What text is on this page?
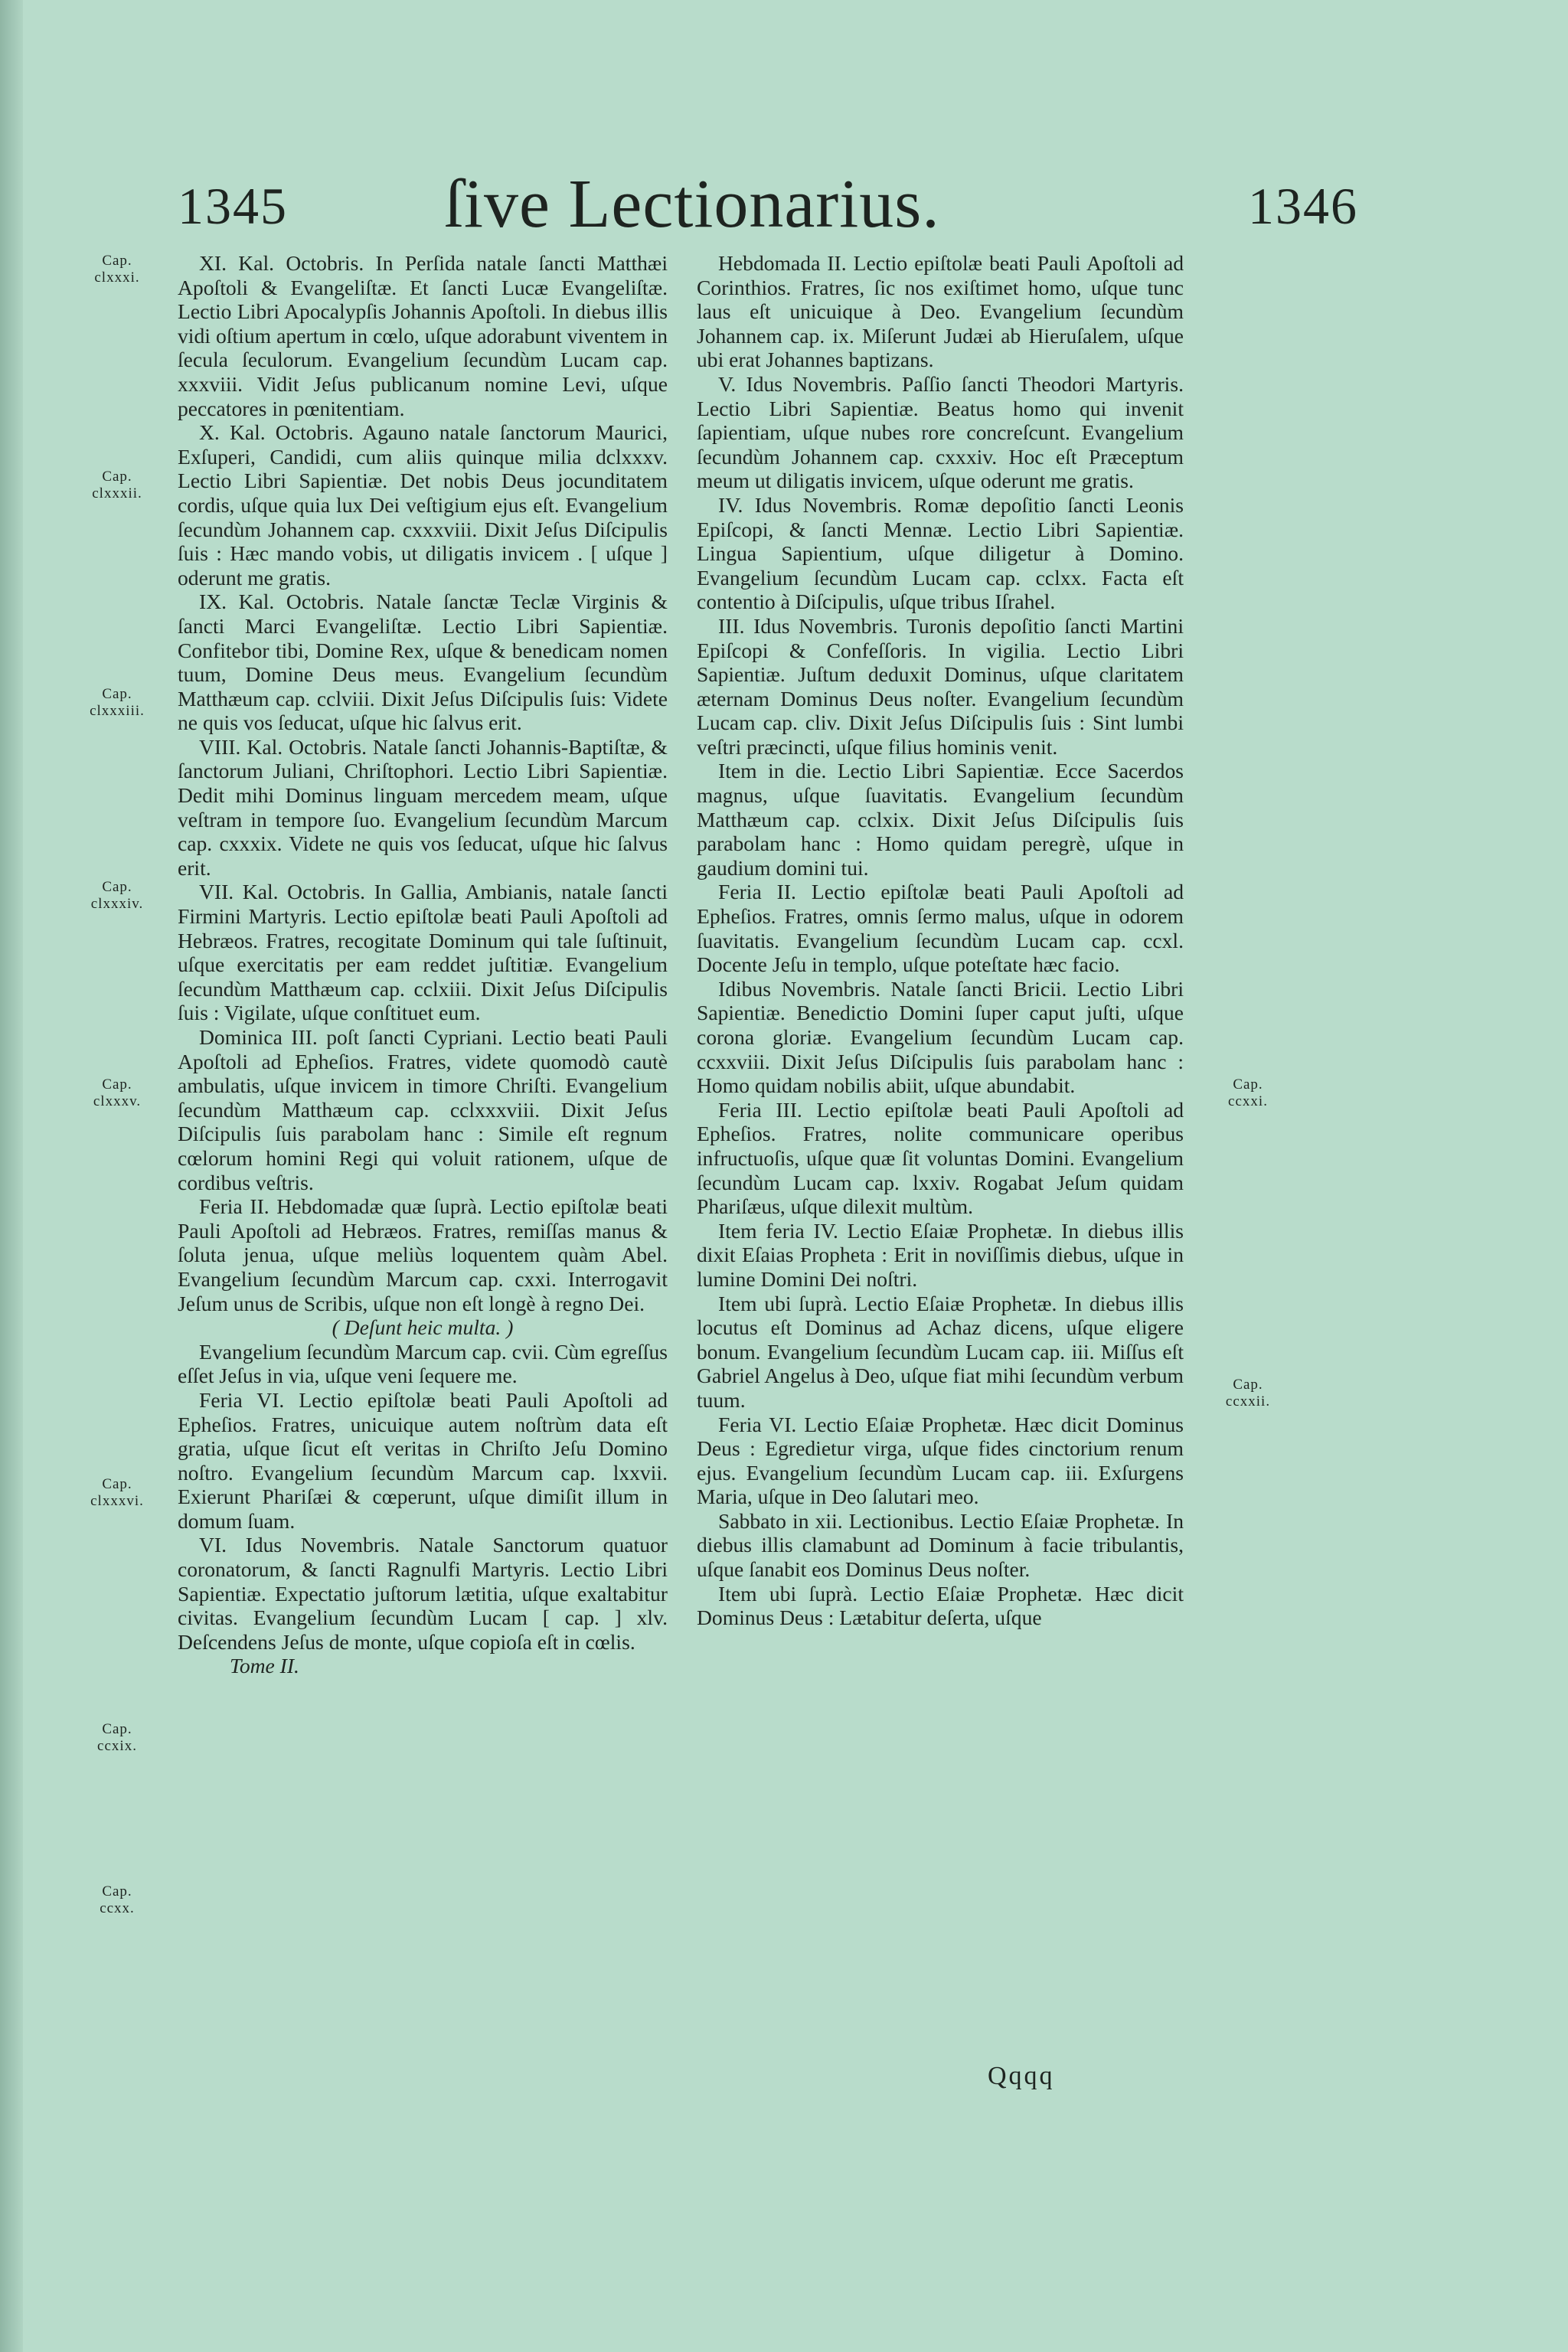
1345 ſive Lectionarius.	1346
Cap.
clxxxi.
Cap.
clxxxii.
Cap.
clxxxiii.
Cap.
clxxxiv.
Cap.
clxxxv.
Cap.
clxxxvi.
Cap.
ccxix.
Cap.
ccxx.
Cap.
ccxxi.
Cap.
ccxxii.

XI. Kal. Octobris. In Perſida natale ſancti Matthæi Apoſtoli & Evangeliſtæ. Et ſancti Lucæ Evangeliſtæ. Lectio Libri Apocalypſis Johannis Apoſtoli. In diebus illis vidi oſtium apertum in cœlo, uſque adorabunt viventem in ſecula ſeculorum. Evangelium ſecundùm Lucam cap. xxxviii. Vidit Jeſus publicanum nomine Levi, uſque peccatores in pœnitentiam.

X. Kal. Octobris. Agauno natale ſanctorum Maurici, Exſuperi, Candidi, cum aliis quinque milia dclxxxv. Lectio Libri Sapientiæ. Det nobis Deus jocunditatem cordis, uſque quia lux Dei veſtigium ejus eſt. Evangelium ſecundùm Johannem cap. cxxxviii. Dixit Jeſus Diſcipulis ſuis : Hæc mando vobis, ut diligatis invicem . [ uſque ] oderunt me gratis.

IX. Kal. Octobris. Natale ſanctæ Teclæ Virginis & ſancti Marci Evangeliſtæ. Lectio Libri Sapientiæ. Confitebor tibi, Domine Rex, uſque & benedicam nomen tuum, Domine Deus meus. Evangelium ſecundùm Matthæum cap. cclviii. Dixit Jeſus Diſcipulis ſuis: Videte ne quis vos ſeducat, uſque hic ſalvus erit.

VIII. Kal. Octobris. Natale ſancti Johannis-Baptiſtæ, & ſanctorum Juliani, Chriſtophori. Lectio Libri Sapientiæ. Dedit mihi Dominus linguam mercedem meam, uſque veſtram in tempore ſuo. Evangelium ſecundùm Marcum cap. cxxxix. Videte ne quis vos ſeducat, uſque hic ſalvus erit.

VII. Kal. Octobris. In Gallia, Ambianis, natale ſancti Firmini Martyris. Lectio epiſtolæ beati Pauli Apoſtoli ad Hebræos. Fratres, recogitate Dominum qui tale ſuſtinuit, uſque exercitatis per eam reddet juſtitiæ. Evangelium ſecundùm Matthæum cap. cclxiii. Dixit Jeſus Diſcipulis ſuis : Vigilate, uſque conſtituet eum.

Dominica III. poſt ſancti Cypriani. Lectio beati Pauli Apoſtoli ad Epheſios. Fratres, videte quomodò cautè ambulatis, uſque invicem in timore Chriſti. Evangelium ſecundùm Matthæum cap. cclxxxviii. Dixit Jeſus Diſcipulis ſuis parabolam hanc : Simile eſt regnum cœlorum homini Regi qui voluit rationem, uſque de cordibus veſtris.

Feria II. Hebdomadæ quæ ſuprà. Lectio epiſtolæ beati Pauli Apoſtoli ad Hebræos. Fratres, remiſſas manus & ſoluta jenua, uſque meliùs loquentem quàm Abel. Evangelium ſecundùm Marcum cap. cxxi. Interrogavit Jeſum unus de Scribis, uſque non eſt longè à regno Dei.

( Deſunt heic multa. )

Evangelium ſecundùm Marcum cap. cvii. Cùm egreſſus eſſet Jeſus in via, uſque veni ſequere me.

Feria VI. Lectio epiſtolæ beati Pauli Apoſtoli ad Epheſios. Fratres, unicuique autem noſtrùm data eſt gratia, uſque ſicut eſt veritas in Chriſto Jeſu Domino noſtro. Evangelium ſecundùm Marcum cap. lxxvii. Exierunt Phariſæi & cœperunt, uſque dimiſit illum in domum ſuam.

VI. Idus Novembris. Natale Sanctorum quatuor coronatorum, & ſancti Ragnulfi Martyris. Lectio Libri Sapientiæ. Expectatio juſtorum lætitia, uſque exaltabitur civitas. Evangelium ſecundùm Lucam [ cap. ] xlv. Deſcendens Jeſus de monte, uſque copioſa eſt in cœlis.

Tome II.

Hebdomada II. Lectio epiſtolæ beati Pauli Apoſtoli ad Corinthios. Fratres, ſic nos exiſtimet homo, uſque tunc laus eſt unicuique à Deo. Evangelium ſecundùm Johannem cap. ix. Miſerunt Judæi ab Hieruſalem, uſque ubi erat Johannes baptizans.

V. Idus Novembris. Paſſio ſancti Theodori Martyris. Lectio Libri Sapientiæ. Beatus homo qui invenit ſapientiam, uſque nubes rore concreſcunt. Evangelium ſecundùm Johannem cap. cxxxiv. Hoc eſt Præceptum meum ut diligatis invicem, uſque oderunt me gratis.

IV. Idus Novembris. Romæ depoſitio ſancti Leonis Epiſcopi, & ſancti Mennæ. Lectio Libri Sapientiæ. Lingua Sapientium, uſque diligetur à Domino. Evangelium ſecundùm Lucam cap. cclxx. Facta eſt contentio à Diſcipulis, uſque tribus Iſrahel.

III. Idus Novembris. Turonis depoſitio ſancti Martini Epiſcopi & Confeſſoris. In vigilia. Lectio Libri Sapientiæ. Juſtum deduxit Dominus, uſque claritatem æternam Dominus Deus noſter. Evangelium ſecundùm Lucam cap. cliv. Dixit Jeſus Diſcipulis ſuis : Sint lumbi veſtri præcincti, uſque filius hominis venit.

Item in die. Lectio Libri Sapientiæ. Ecce Sacerdos magnus, uſque ſuavitatis. Evangelium ſecundùm Matthæum cap. cclxix. Dixit Jeſus Diſcipulis ſuis parabolam hanc : Homo quidam peregrè, uſque in gaudium domini tui.

Feria II. Lectio epiſtolæ beati Pauli Apoſtoli ad Epheſios. Fratres, omnis ſermo malus, uſque in odorem ſuavitatis. Evangelium ſecundùm Lucam cap. ccxl. Docente Jeſu in templo, uſque poteſtate hæc facio.

Idibus Novembris. Natale ſancti Bricii. Lectio Libri Sapientiæ. Benedictio Domini ſuper caput juſti, uſque corona gloriæ. Evangelium ſecundùm Lucam cap. ccxxviii. Dixit Jeſus Diſcipulis ſuis parabolam hanc : Homo quidam nobilis abiit, uſque abundabit.

Feria III. Lectio epiſtolæ beati Pauli Apoſtoli ad Epheſios. Fratres, nolite communicare operibus infructuoſis, uſque quæ ſit voluntas Domini. Evangelium ſecundùm Lucam cap. lxxiv. Rogabat Jeſum quidam Phariſæus, uſque dilexit multùm.

Item feria IV. Lectio Eſaiæ Prophetæ. In diebus illis dixit Eſaias Propheta : Erit in noviſſimis diebus, uſque in lumine Domini Dei noſtri.

Item ubi ſuprà. Lectio Eſaiæ Prophetæ. In diebus illis locutus eſt Dominus ad Achaz dicens, uſque eligere bonum. Evangelium ſecundùm Lucam cap. iii. Miſſus eſt Gabriel Angelus à Deo, uſque fiat mihi ſecundùm verbum tuum.

Feria VI. Lectio Eſaiæ Prophetæ. Hæc dicit Dominus Deus : Egredietur virga, uſque fides cinctorium renum ejus. Evangelium ſecundùm Lucam cap. iii. Exſurgens Maria, uſque in Deo ſalutari meo.

Sabbato in xii. Lectionibus. Lectio Eſaiæ Prophetæ. In diebus illis clamabunt ad Dominum à facie tribulantis, uſque ſanabit eos Dominus Deus noſter.

Item ubi ſuprà. Lectio Eſaiæ Prophetæ. Hæc dicit Dominus Deus : Lætabitur deſerta, uſque

Qqqq
